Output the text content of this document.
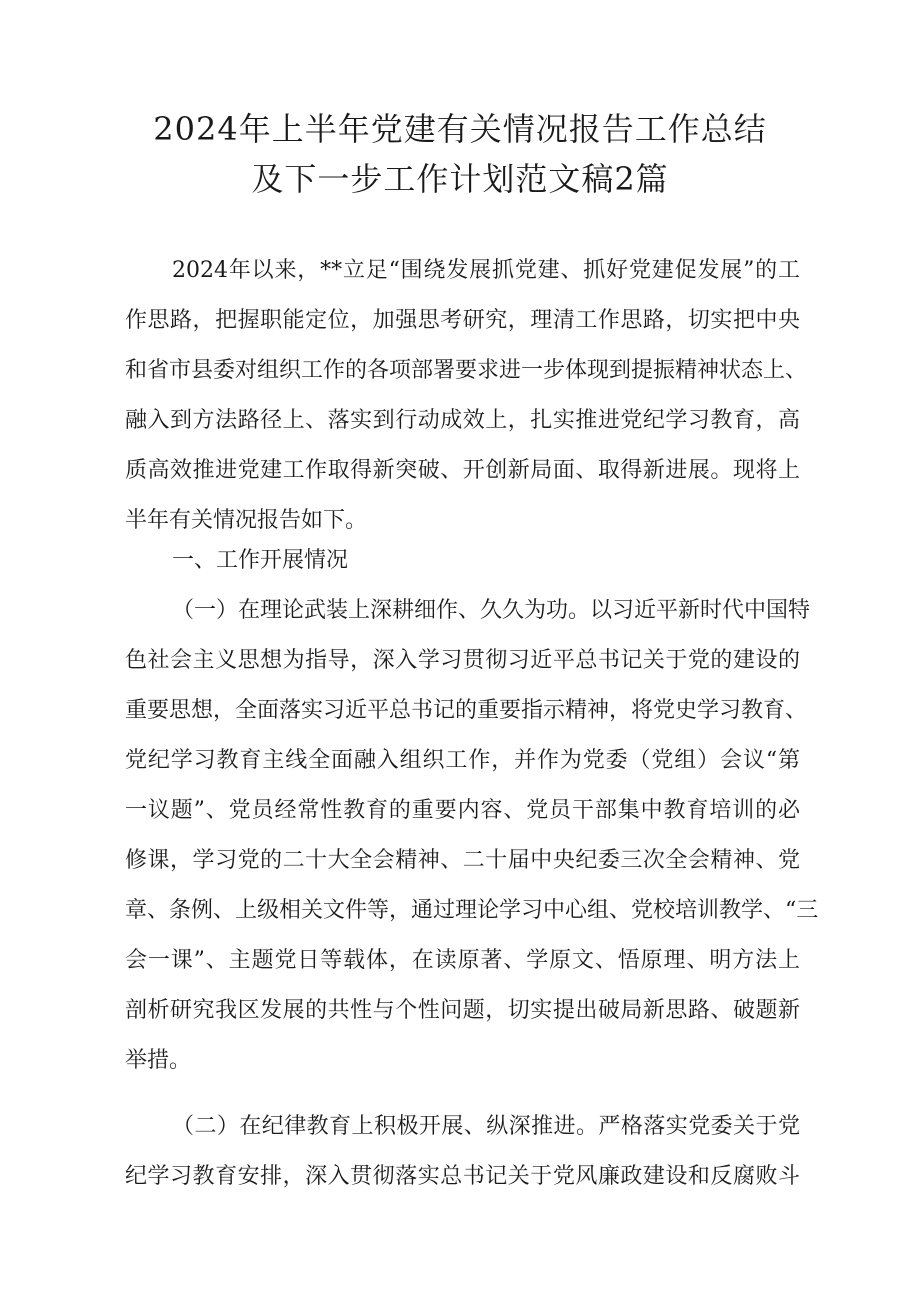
2024年上半年党建有关情况报告工作总结
及下一步工作计划范文稿2篇

2024年以来，**立足“围绕发展抓党建、抓好党建促发展”的工

作思路，把握职能定位，加强思考研究，理清工作思路，切实把中央

和省市县委对组织工作的各项部署要求进一步体现到提振精神状态上、

融入到方法路径上、落实到行动成效上，扎实推进党纪学习教育，高

质高效推进党建工作取得新突破、开创新局面、取得新进展。现将上

半年有关情况报告如下。

一、工作开展情况

（一）在理论武装上深耕细作、久久为功。以习近平新时代中国特

色社会主义思想为指导，深入学习贯彻习近平总书记关于党的建设的

重要思想，全面落实习近平总书记的重要指示精神，将党史学习教育、

党纪学习教育主线全面融入组织工作，并作为党委（党组）会议“第

一议题”、党员经常性教育的重要内容、党员干部集中教育培训的必

修课，学习党的二十大全会精神、二十届中央纪委三次全会精神、党

章、条例、上级相关文件等，通过理论学习中心组、党校培训教学、“三

会一课”、主题党日等载体，在读原著、学原文、悟原理、明方法上

剖析研究我区发展的共性与个性问题，切实提出破局新思路、破题新

举措。

（二）在纪律教育上积极开展、纵深推进。严格落实党委关于党

纪学习教育安排，深入贯彻落实总书记关于党风廉政建设和反腐败斗
